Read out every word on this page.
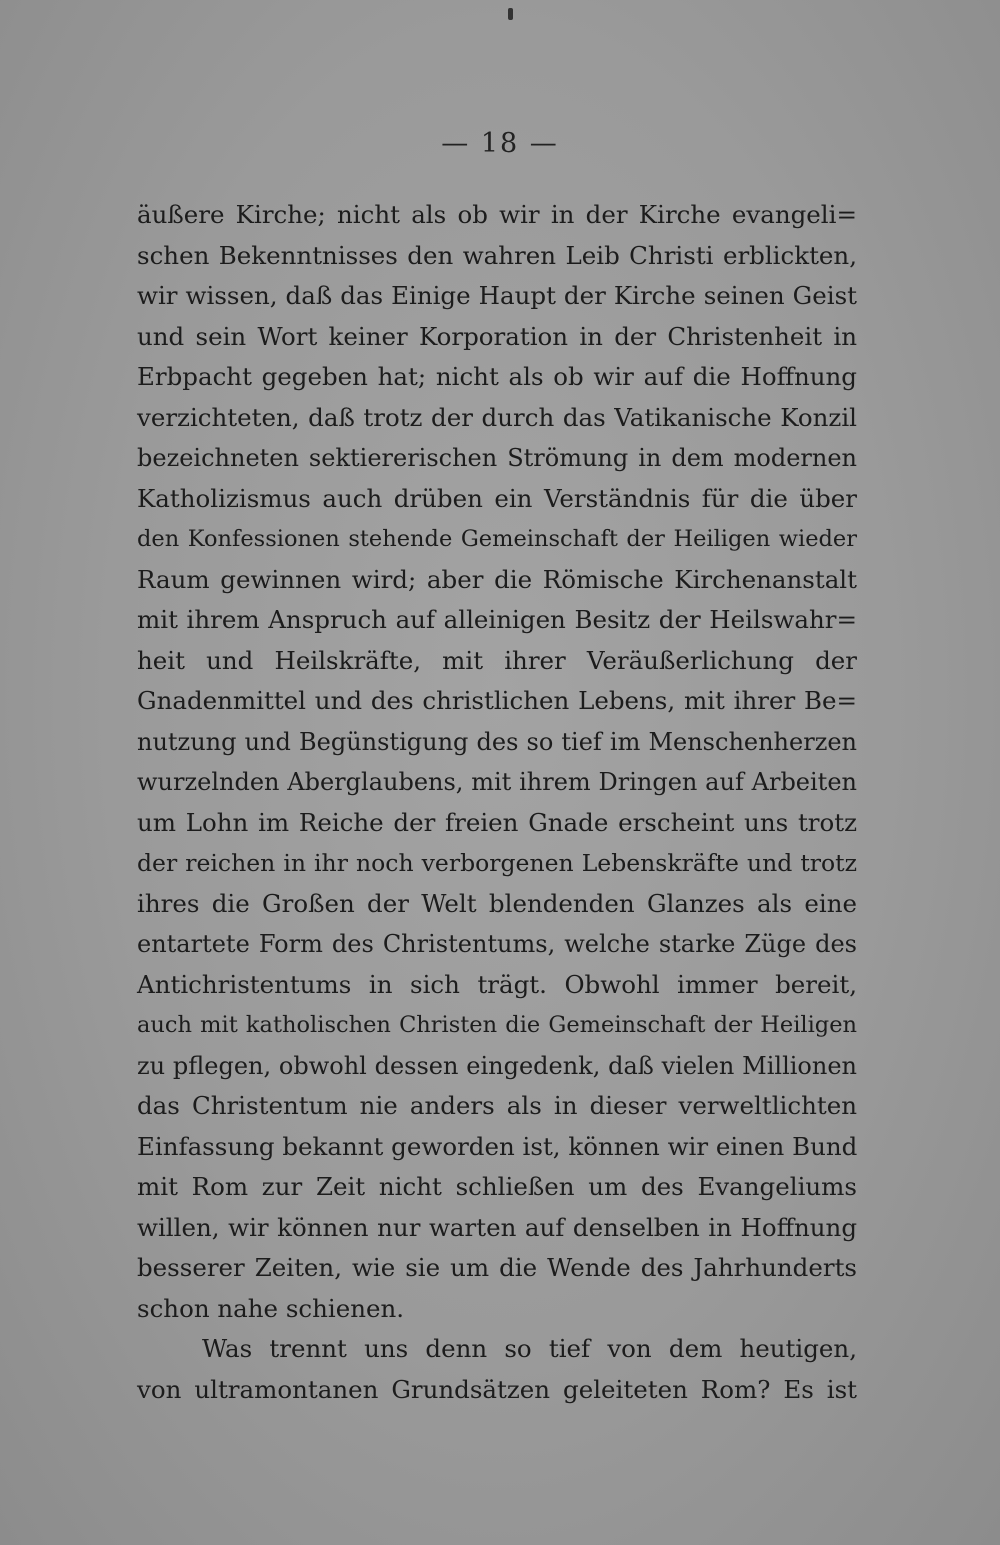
— 18 —
äußere Kirche; nicht als ob wir in der Kirche evangeli=
schen Bekenntnisses den wahren Leib Christi erblickten,
wir wissen, daß das Einige Haupt der Kirche seinen Geist
und sein Wort keiner Korporation in der Christenheit in
Erbpacht gegeben hat; nicht als ob wir auf die Hoffnung
verzichteten, daß trotz der durch das Vatikanische Konzil
bezeichneten sektiererischen Strömung in dem modernen
Katholizismus auch drüben ein Verständnis für die über
den Konfessionen stehende Gemeinschaft der Heiligen wieder
Raum gewinnen wird; aber die Römische Kirchenanstalt
mit ihrem Anspruch auf alleinigen Besitz der Heilswahr=
heit und Heilskräfte, mit ihrer Veräußerlichung der
Gnadenmittel und des christlichen Lebens, mit ihrer Be=
nutzung und Begünstigung des so tief im Menschenherzen
wurzelnden Aberglaubens, mit ihrem Dringen auf Arbeiten
um Lohn im Reiche der freien Gnade erscheint uns trotz
der reichen in ihr noch verborgenen Lebenskräfte und trotz
ihres die Großen der Welt blendenden Glanzes als eine
entartete Form des Christentums, welche starke Züge des
Antichristentums in sich trägt. Obwohl immer bereit,
auch mit katholischen Christen die Gemeinschaft der Heiligen
zu pflegen, obwohl dessen eingedenk, daß vielen Millionen
das Christentum nie anders als in dieser verweltlichten
Einfassung bekannt geworden ist, können wir einen Bund
mit Rom zur Zeit nicht schließen um des Evangeliums
willen, wir können nur warten auf denselben in Hoffnung
besserer Zeiten, wie sie um die Wende des Jahrhunderts
schon nahe schienen.
Was trennt uns denn so tief von dem heutigen,
von ultramontanen Grundsätzen geleiteten Rom? Es ist
